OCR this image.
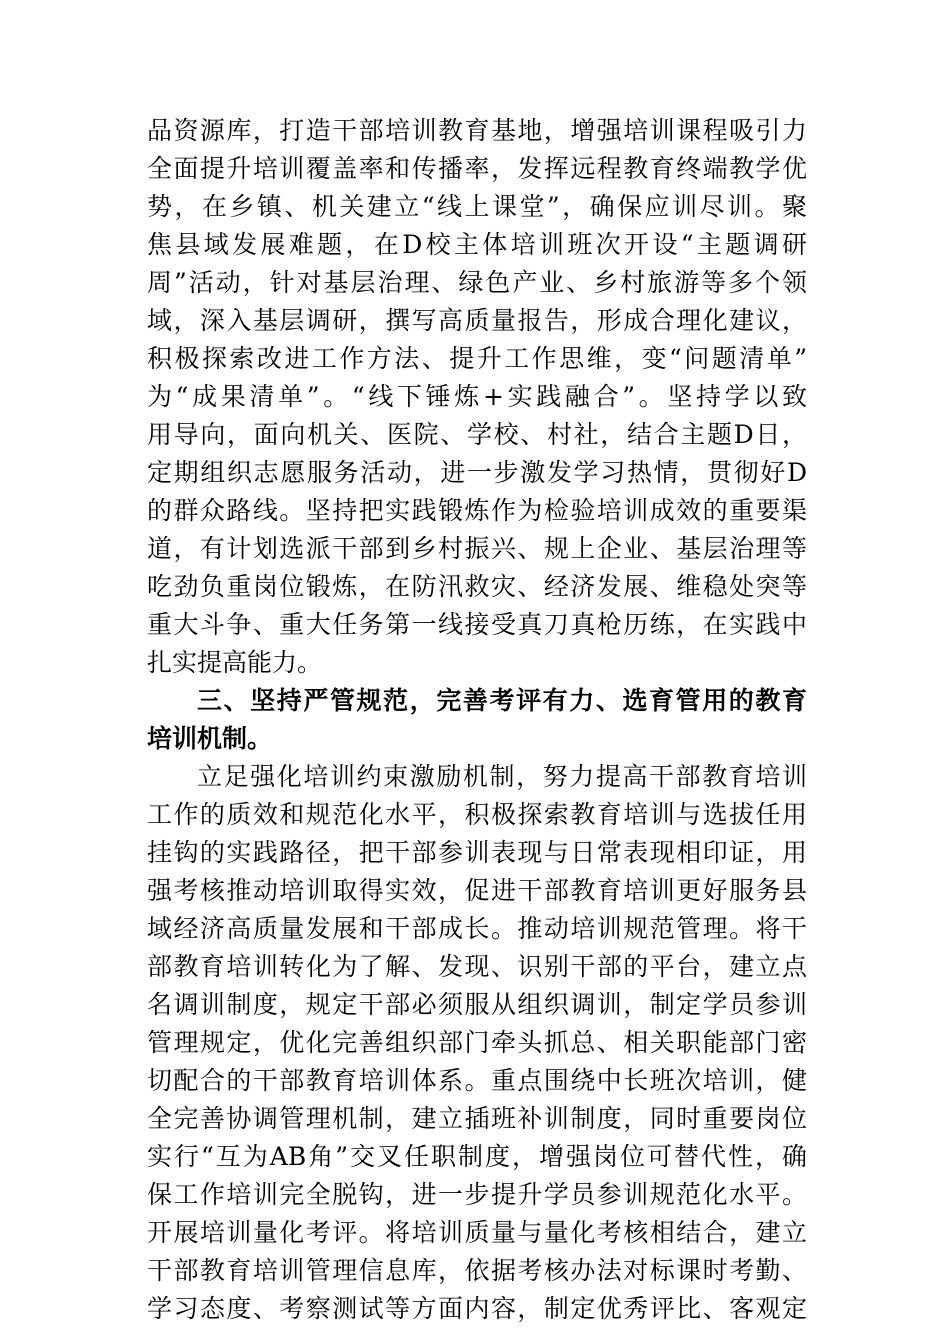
品资源库，打造干部培训教育基地，增强培训课程吸引力
全面提升培训覆盖率和传播率，发挥远程教育终端教学优
势，在乡镇、机关建立“线上课堂”，确保应训尽训。聚
焦县域发展难题，在D校主体培训班次开设“主题调研
周”活动，针对基层治理、绿色产业、乡村旅游等多个领
域，深入基层调研，撰写高质量报告，形成合理化建议，
积极探索改进工作方法、提升工作思维，变“问题清单”
为“成果清单”。“线下锤炼+实践融合”。坚持学以致
用导向，面向机关、医院、学校、村社，结合主题D日，
定期组织志愿服务活动，进一步激发学习热情，贯彻好D
的群众路线。坚持把实践锻炼作为检验培训成效的重要渠
道，有计划选派干部到乡村振兴、规上企业、基层治理等
吃劲负重岗位锻炼，在防汛救灾、经济发展、维稳处突等
重大斗争、重大任务第一线接受真刀真枪历练，在实践中
扎实提高能力。
三、坚持严管规范，完善考评有力、选育管用的教育
培训机制。
立足强化培训约束激励机制，努力提高干部教育培训
工作的质效和规范化水平，积极探索教育培训与选拔任用
挂钩的实践路径，把干部参训表现与日常表现相印证，用
强考核推动培训取得实效，促进干部教育培训更好服务县
域经济高质量发展和干部成长。推动培训规范管理。将干
部教育培训转化为了解、发现、识别干部的平台，建立点
名调训制度，规定干部必须服从组织调训，制定学员参训
管理规定，优化完善组织部门牵头抓总、相关职能部门密
切配合的干部教育培训体系。重点围绕中长班次培训，健
全完善协调管理机制，建立插班补训制度，同时重要岗位
实行“互为AB角”交叉任职制度，增强岗位可替代性，确
保工作培训完全脱钩，进一步提升学员参训规范化水平。
开展培训量化考评。将培训质量与量化考核相结合，建立
干部教育培训管理信息库，依据考核办法对标课时考勤、
学习态度、考察测试等方面内容，制定优秀评比、客观定
